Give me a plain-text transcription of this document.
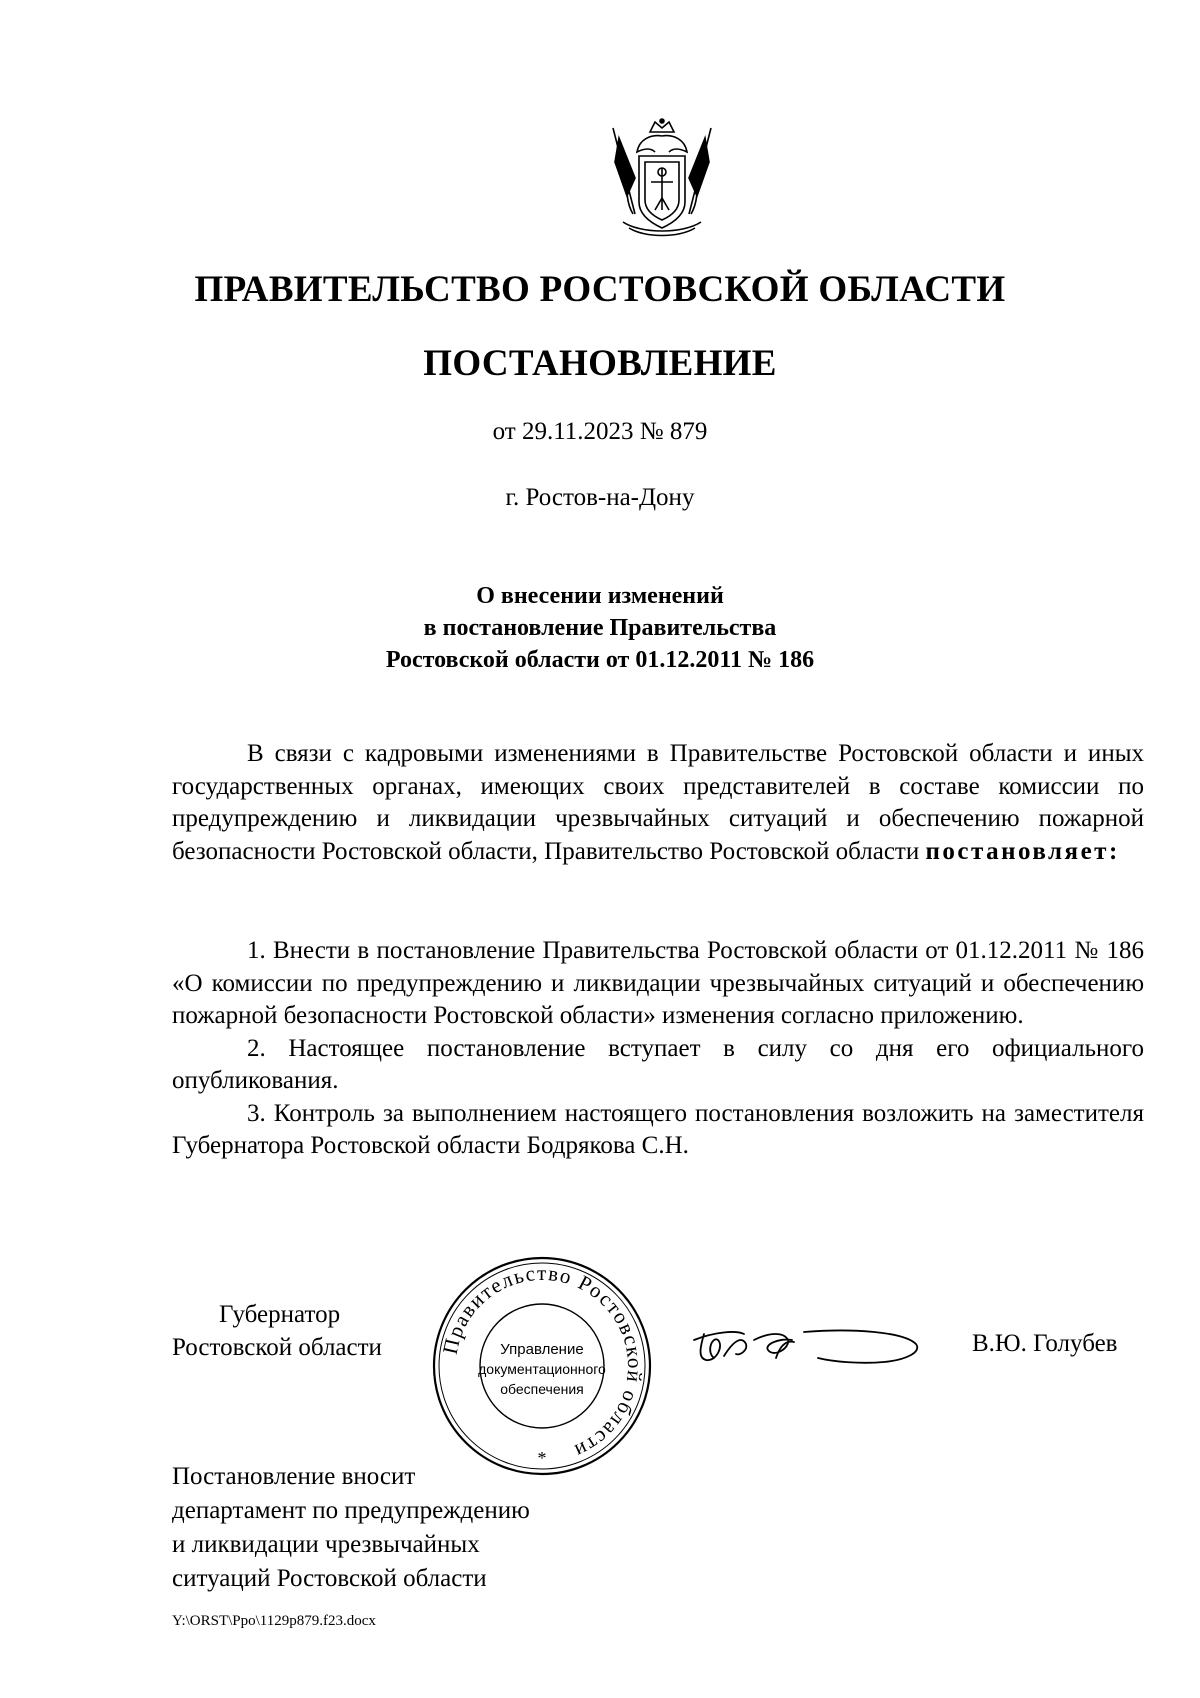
ПРАВИТЕЛЬСТВО РОСТОВСКОЙ ОБЛАСТИ
ПОСТАНОВЛЕНИЕ
от 29.11.2023 № 879
г. Ростов-на-Дону
О внесении изменений
в постановление Правительства
Ростовской области от 01.12.2011 № 186

В связи с кадровыми изменениями в Правительстве Ростовской области и иных государственных органах, имеющих своих представителей в составе комиссии по предупреждению и ликвидации чрезвычайных ситуаций и обеспечению пожарной безопасности Ростовской области, Правительство Ростовской области постановляет:

1. Внести в постановление Правительства Ростовской области от 01.12.2011 № 186 «О комиссии по предупреждению и ликвидации чрезвычайных ситуаций и обеспечению пожарной безопасности Ростовской области» изменения согласно приложению.

2. Настоящее постановление вступает в силу со дня его официального опубликования.

3. Контроль за выполнением настоящего постановления возложить на заместителя Губернатора Ростовской области Бодрякова С.Н.

Губернатор
Ростовской области	Правительство Ростовской области
Управление
документационного
обеспечения
*
В.Ю. Голубев
Постановление вносит
департамент по предупреждению
и ликвидации чрезвычайных
ситуаций Ростовской области
Y:\ORST\Ppo\1129p879.f23.docx
